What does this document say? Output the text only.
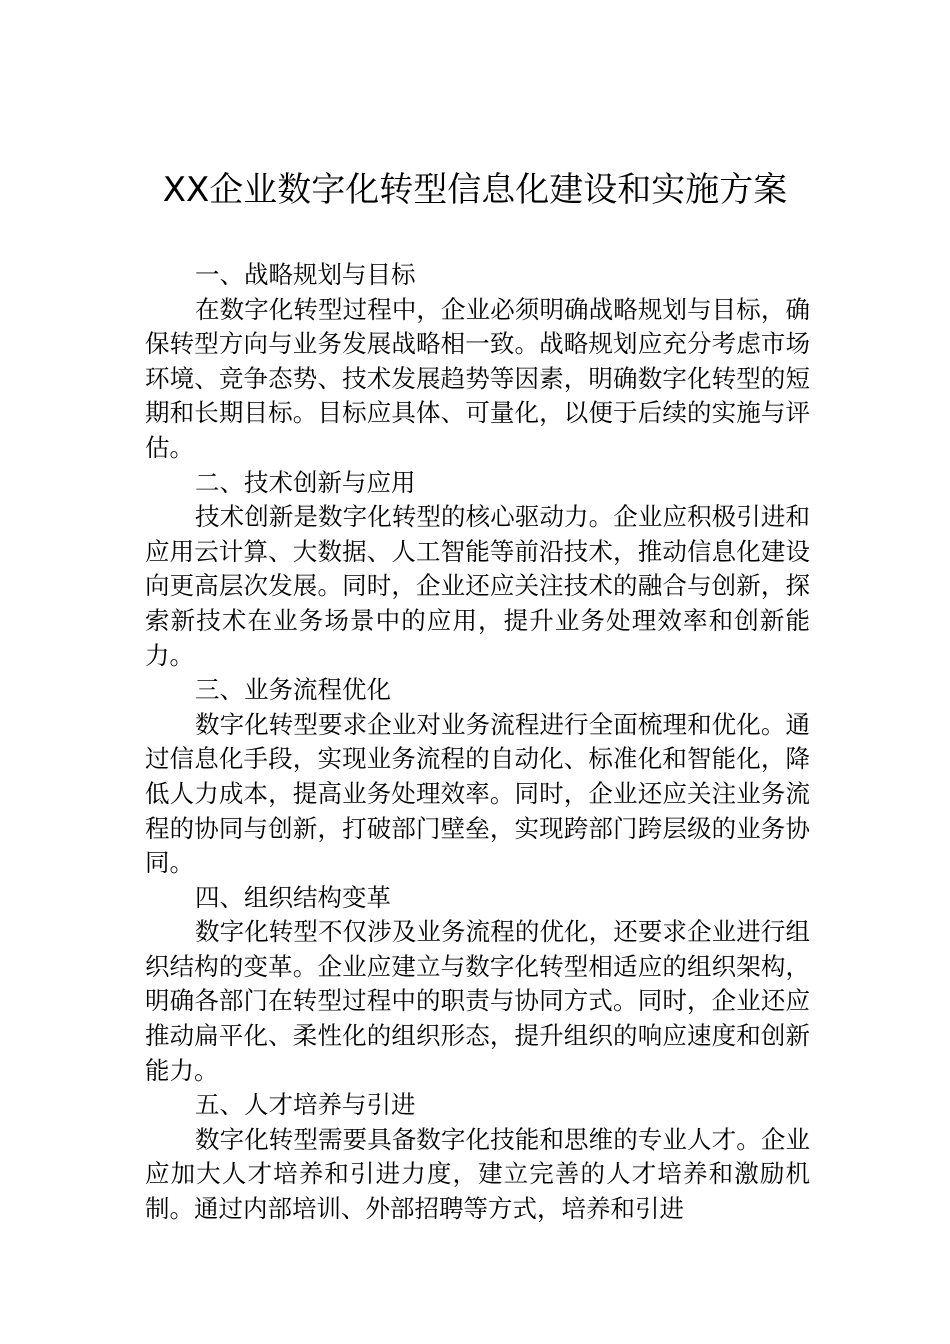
XX企业数字化转型信息化建设和实施方案
一、战略规划与目标

在数字化转型过程中，企业必须明确战略规划与目标，确保转型方向与业务发展战略相一致。战略规划应充分考虑市场环境、竞争态势、技术发展趋势等因素，明确数字化转型的短期和长期目标。目标应具体、可量化，以便于后续的实施与评估。

二、技术创新与应用

技术创新是数字化转型的核心驱动力。企业应积极引进和应用云计算、大数据、人工智能等前沿技术，推动信息化建设向更高层次发展。同时，企业还应关注技术的融合与创新，探索新技术在业务场景中的应用，提升业务处理效率和创新能力。

三、业务流程优化

数字化转型要求企业对业务流程进行全面梳理和优化。通过信息化手段，实现业务流程的自动化、标准化和智能化，降低人力成本，提高业务处理效率。同时，企业还应关注业务流程的协同与创新，打破部门壁垒，实现跨部门跨层级的业务协同。

四、组织结构变革

数字化转型不仅涉及业务流程的优化，还要求企业进行组织结构的变革。企业应建立与数字化转型相适应的组织架构，明确各部门在转型过程中的职责与协同方式。同时，企业还应推动扁平化、柔性化的组织形态，提升组织的响应速度和创新能力。

五、人才培养与引进

数字化转型需要具备数字化技能和思维的专业人才。企业应加大人才培养和引进力度，建立完善的人才培养和激励机制。通过内部培训、外部招聘等方式，培养和引进
